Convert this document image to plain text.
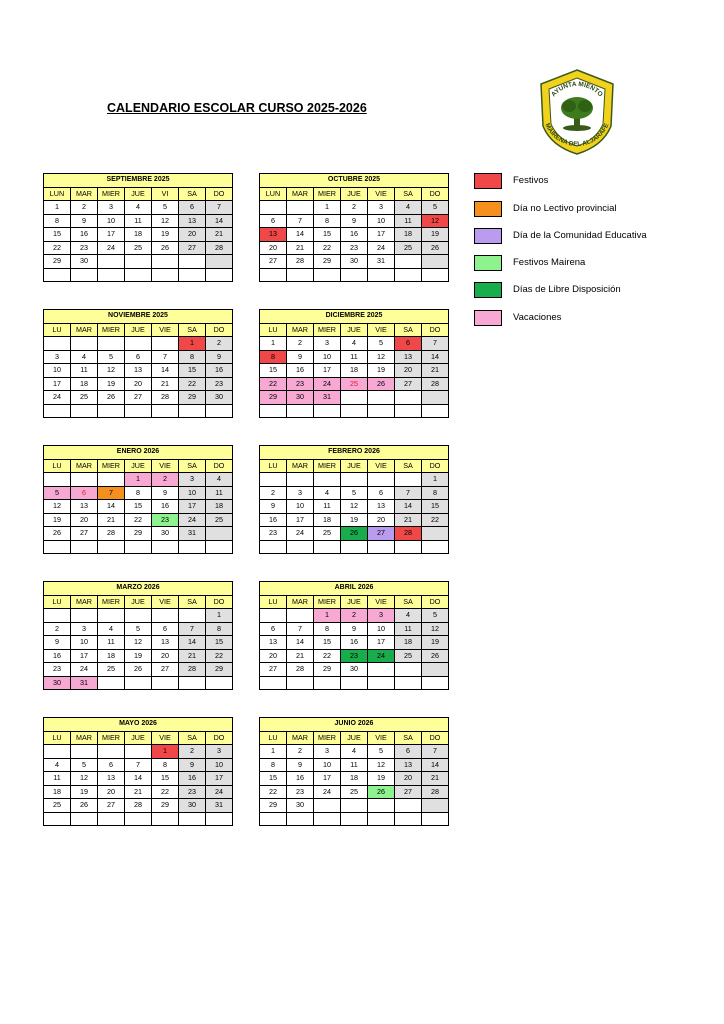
CALENDARIO ESCOLAR CURSO 2025-2026
AYUNTA MIENTO
MAIRENA DEL ALJARAFE
SEPTIEMBRE 2025						
LUN	MAR	MIER	JUE	VI	SA	DO
1	2	3	4	5	6	7
8	9	10	11	12	13	14
15	16	17	18	19	20	21
22	23	24	25	26	27	28
29	30					

OCTUBRE 2025						
LUN	MAR	MIER	JUE	VIE	SA	DO
		1	2	3	4	5
6	7	8	9	10	11	12
13	14	15	16	17	18	19
20	21	22	23	24	25	26
27	28	29	30	31		

NOVIEMBRE 2025						
LU	MAR	MIER	JUE	VIE	SA	DO
					1	2
3	4	5	6	7	8	9
10	11	12	13	14	15	16
17	18	19	20	21	22	23
24	25	26	27	28	29	30

DICIEMBRE 2025						
LU	MAR	MIER	JUE	VIE	SA	DO
1	2	3	4	5	6	7
8	9	10	11	12	13	14
15	16	17	18	19	20	21
22	23	24	25	26	27	28
29	30	31				

ENERO 2026						
LU	MAR	MIER	JUE	VIE	SA	DO
			1	2	3	4
5	6	7	8	9	10	11
12	13	14	15	16	17	18
19	20	21	22	23	24	25
26	27	28	29	30	31	

FEBRERO 2026						
LU	MAR	MIER	JUE	VIE	SA	DO
						1
2	3	4	5	6	7	8
9	10	11	12	13	14	15
16	17	18	19	20	21	22
23	24	25	26	27	28	

MARZO 2026						
LU	MAR	MIER	JUE	VIE	SA	DO
						1
2	3	4	5	6	7	8
9	10	11	12	13	14	15
16	17	18	19	20	21	22
23	24	25	26	27	28	29
30	31					
ABRIL 2026						
LU	MAR	MIER	JUE	VIE	SA	DO
		1	2	3	4	5
6	7	8	9	10	11	12
13	14	15	16	17	18	19
20	21	22	23	24	25	26
27	28	29	30			

MAYO 2026						
LU	MAR	MIER	JUE	VIE	SA	DO
				1	2	3
4	5	6	7	8	9	10
11	12	13	14	15	16	17
18	19	20	21	22	23	24
25	26	27	28	29	30	31

JUNIO 2026						
LU	MAR	MIER	JUE	VIE	SA	DO
1	2	3	4	5	6	7
8	9	10	11	12	13	14
15	16	17	18	19	20	21
22	23	24	25	26	27	28
29	30					

Festivos
Día no Lectivo provincial
Día de la Comunidad Educativa
Festivos Mairena
Días de Libre Disposición
Vacaciones
